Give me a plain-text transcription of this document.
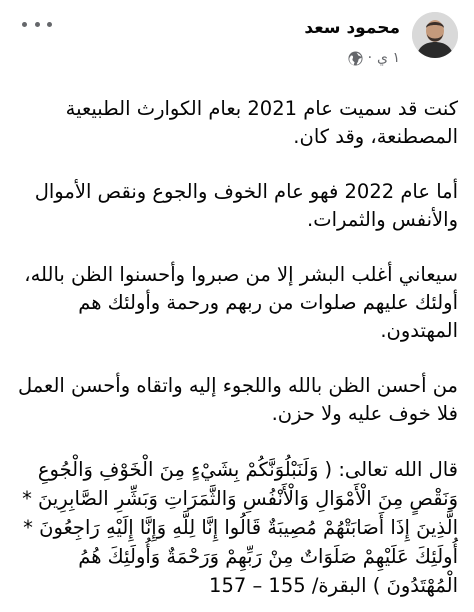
محمود سعد
١ ي
·

كنت قد سميت عام 2021 بعام الكوارث الطبيعية المصطنعة، وقد كان.

أما عام 2022 فهو عام الخوف والجوع ونقص الأموال والأنفس والثمرات.

سيعاني أغلب البشر إلا من صبروا وأحسنوا الظن بالله، أولئك عليهم صلوات من ربهم ورحمة وأولئك هم المهتدون.

من أحسن الظن بالله واللجوء إليه واتقاه وأحسن العمل فلا خوف عليه ولا حزن.

قال الله تعالى: ( وَلَنَبْلُوَنَّكُمْ بِشَيْءٍ مِنَ الْخَوْفِ وَالْجُوعِ وَنَقْصٍ مِنَ الْأَمْوَالِ وَالْأَنْفُسِ وَالثَّمَرَاتِ وَبَشِّرِ الصَّابِرِينَ * الَّذِينَ إِذَا أَصَابَتْهُمْ مُصِيبَةٌ قَالُوا إِنَّا لِلَّهِ وَإِنَّا إِلَيْهِ رَاجِعُونَ * أُولَئِكَ عَلَيْهِمْ صَلَوَاتٌ مِنْ رَبِّهِمْ وَرَحْمَةٌ وَأُولَئِكَ هُمُ الْمُهْتَدُونَ ) البقرة/ 155 – 157
